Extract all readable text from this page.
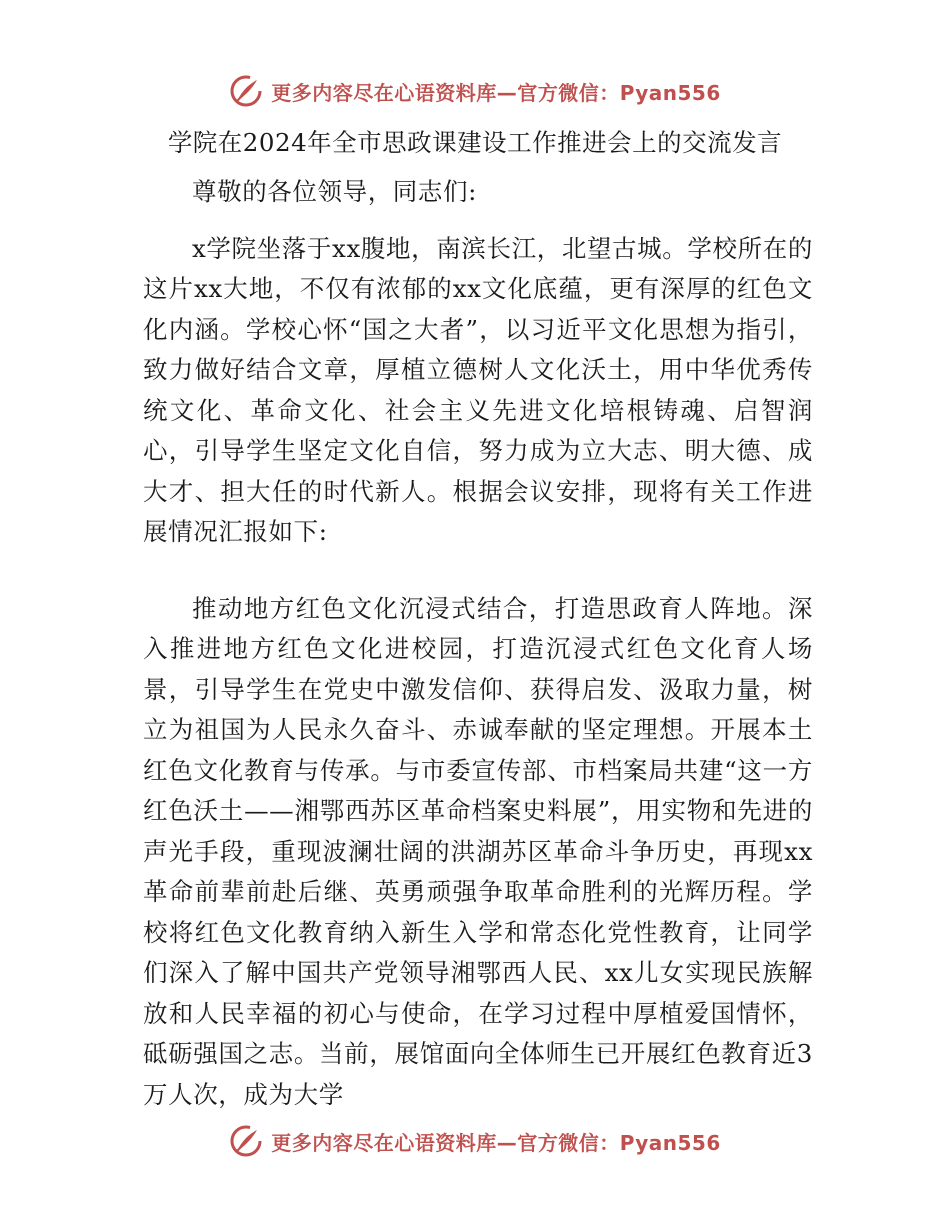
更多内容尽在心语资料库—官方微信：Pyan556
学院在2024年全市思政课建设工作推进会上的交流发言

尊敬的各位领导，同志们:

x学院坐落于xx腹地，南滨长江，北望古城。学校所在的这片xx大地，不仅有浓郁的xx文化底蕴，更有深厚的红色文化内涵。学校心怀“国之大者”，以习近平文化思想为指引，致力做好结合文章，厚植立德树人文化沃土，用中华优秀传统文化、革命文化、社会主义先进文化培根铸魂、启智润心，引导学生坚定文化自信，努力成为立大志、明大德、成大才、担大任的时代新人。根据会议安排，现将有关工作进展情况汇报如下:

推动地方红色文化沉浸式结合，打造思政育人阵地。深入推进地方红色文化进校园，打造沉浸式红色文化育人场景，引导学生在党史中激发信仰、获得启发、汲取力量，树立为祖国为人民永久奋斗、赤诚奉献的坚定理想。开展本土红色文化教育与传承。与市委宣传部、市档案局共建“这一方红色沃土——湘鄂西苏区革命档案史料展”，用实物和先进的声光手段，重现波澜壮阔的洪湖苏区革命斗争历史，再现xx革命前辈前赴后继、英勇顽强争取革命胜利的光辉历程。学校将红色文化教育纳入新生入学和常态化党性教育，让同学们深入了解中国共产党领导湘鄂西人民、xx儿女实现民族解放和人民幸福的初心与使命，在学习过程中厚植爱国情怀，砥砺强国之志。当前，展馆面向全体师生已开展红色教育近3万人次，成为大学

更多内容尽在心语资料库—官方微信：Pyan556
